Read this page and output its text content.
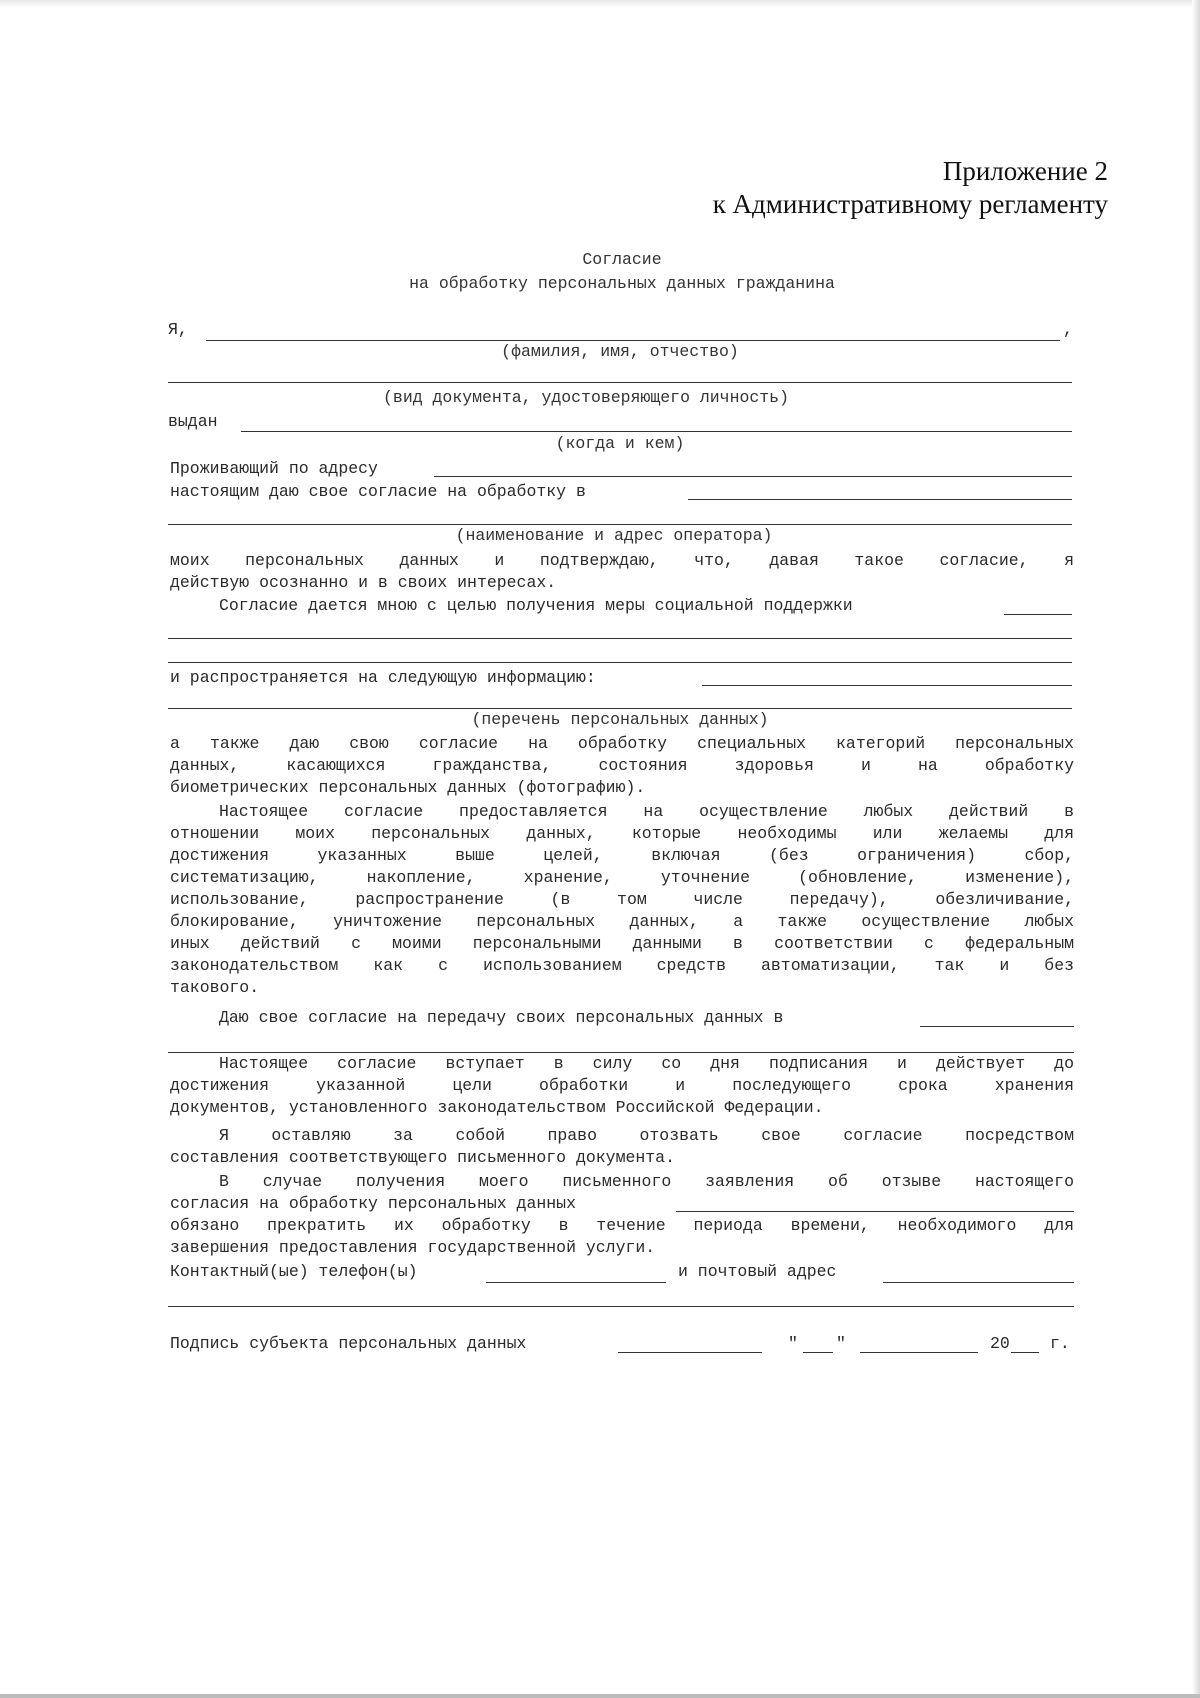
Приложение 2
к Административному регламенту
Согласие
на обработку персональных данных гражданина
Я,	,
(фамилия, имя, отчество)
(вид документа, удостоверяющего личность)
выдан
(когда и кем)
Проживающий по адресу
настоящим даю свое согласие на обработку в
(наименование и адрес оператора)
моих персональных данных и подтверждаю, что, давая такое согласие, я
действую осознанно и в своих интересах.
Согласие дается мною с целью получения меры социальной поддержки
и распространяется на следующую информацию:
(перечень персональных данных)
а также даю свою согласие на обработку специальных категорий персональных
данных, касающихся гражданства, состояния здоровья и на обработку
биометрических персональных данных (фотографию).
Настоящее согласие предоставляется на осуществление любых действий в
отношении моих персональных данных, которые необходимы или желаемы для
достижения указанных выше целей, включая (без ограничения) сбор,
систематизацию, накопление, хранение, уточнение (обновление, изменение),
использование, распространение (в том числе передачу), обезличивание,
блокирование, уничтожение персональных данных, а также осуществление любых
иных действий с моими персональными данными в соответствии с федеральным
законодательством как с использованием средств автоматизации, так и без
такового.
Даю свое согласие на передачу своих персональных данных в
Настоящее согласие вступает в силу со дня подписания и действует до
достижения указанной цели обработки и последующего срока хранения
документов, установленного законодательством Российской Федерации.
Я оставляю за собой право отозвать свое согласие посредством
составления соответствующего письменного документа.
В случае получения моего письменного заявления об отзыве настоящего
согласия на обработку персональных данных
обязано прекратить их обработку в течение периода времени, необходимого для
завершения предоставления государственной услуги.
Контактный(ые) телефон(ы)	и почтовый адрес
Подпись субъекта персональных данных	" "	20 г.
